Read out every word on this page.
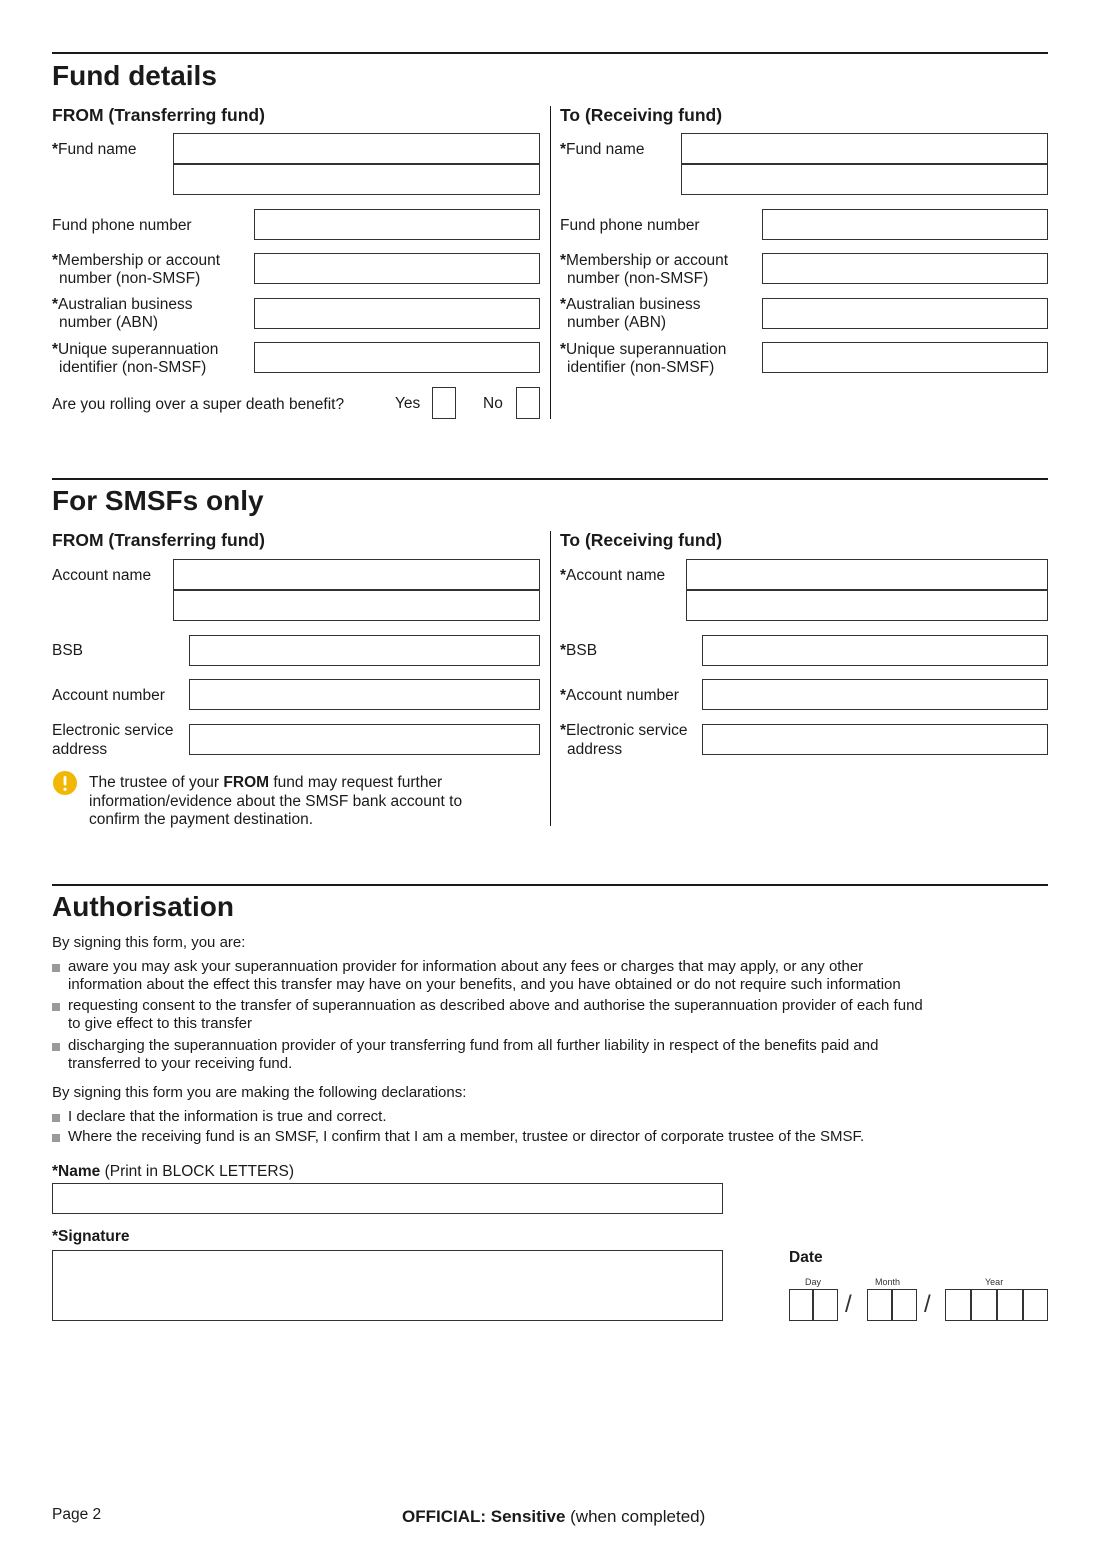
Fund details
FROM (Transferring fund)
*Fund name
Fund phone number
*Membership or account
number (non-SMSF)
*Australian business
number (ABN)
*Unique superannuation
identifier (non-SMSF)
Are you rolling over a super death benefit?	Yes	No
To (Receiving fund)
*Fund name
Fund phone number
*Membership or account
number (non-SMSF)
*Australian business
number (ABN)
*Unique superannuation
identifier (non-SMSF)
For SMSFs only
FROM (Transferring fund)
Account name
BSB
Account number
Electronic service
address
The trustee of your FROM fund may request further
information/evidence about the SMSF bank account to
confirm the payment destination.
To (Receiving fund)
*Account name
*BSB
*Account number
*Electronic service
address
Authorisation
By signing this form, you are:
aware you may ask your superannuation provider for information about any fees or charges that may apply, or any other
information about the effect this transfer may have on your benefits, and you have obtained or do not require such information
requesting consent to the transfer of superannuation as described above and authorise the superannuation provider of each fund
to give effect to this transfer
discharging the superannuation provider of your transferring fund from all further liability in respect of the benefits paid and
transferred to your receiving fund.
By signing this form you are making the following declarations:
I declare that the information is true and correct.
Where the receiving fund is an SMSF, I confirm that I am a member, trustee or director of corporate trustee of the SMSF.
*Name (Print in BLOCK LETTERS)
*Signature
Date
Day	Month	Year
/	/
Page 2	OFFICIAL: Sensitive (when completed)
